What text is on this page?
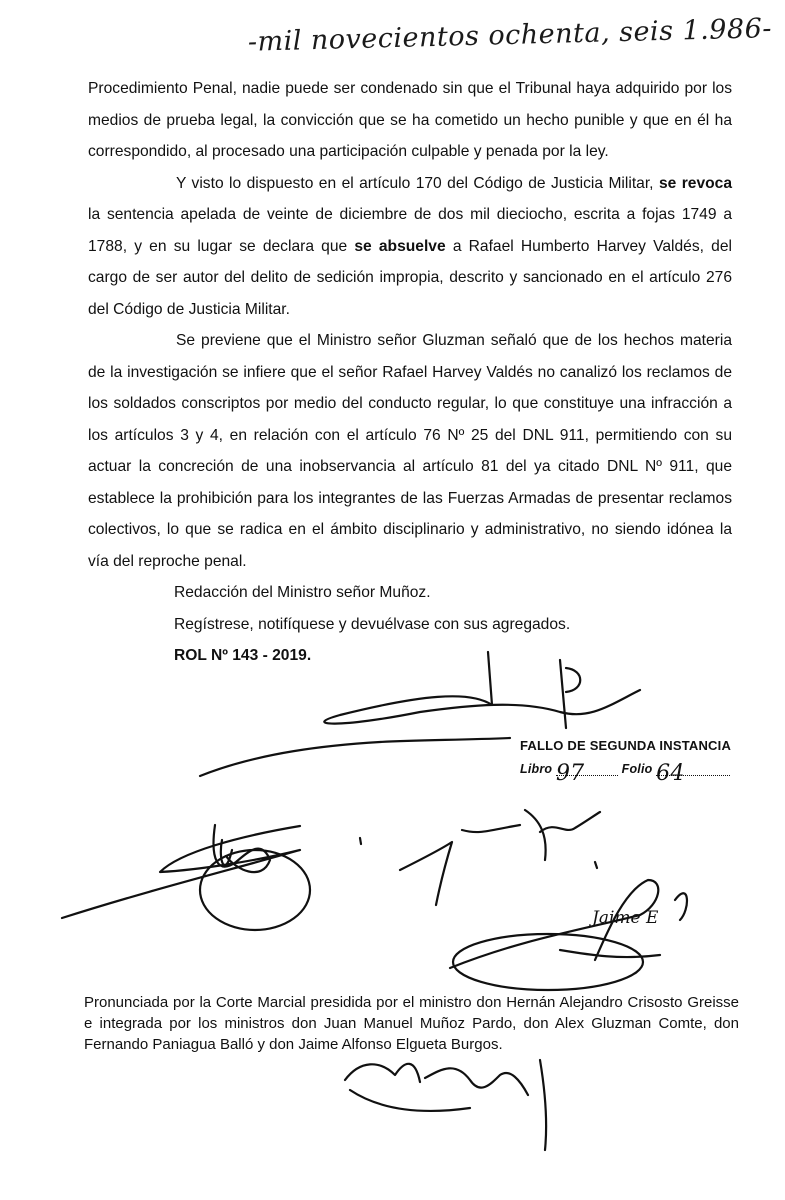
-mil novecientos ochenta, seis 1.986-

Procedimiento Penal, nadie puede ser condenado sin que el Tribunal haya adquirido por los medios de prueba legal, la convicción que se ha cometido un hecho punible y que en él ha correspondido, al procesado una participación culpable y penada por la ley.

Y visto lo dispuesto en el artículo 170 del Código de Justicia Militar, se revoca la sentencia apelada de veinte de diciembre de dos mil dieciocho, escrita a fojas 1749 a 1788, y en su lugar se declara que se absuelve a Rafael Humberto Harvey Valdés, del cargo de ser autor del delito de sedición impropia, descrito y sancionado en el artículo 276 del Código de Justicia Militar.

Se previene que el Ministro señor Gluzman señaló que de los hechos materia de la investigación se infiere que el señor Rafael Harvey Valdés no canalizó los reclamos de los soldados conscriptos por medio del conducto regular, lo que constituye una infracción a los artículos 3 y 4, en relación con el artículo 76 Nº 25 del DNL 911, permitiendo con su actuar la concreción de una inobservancia al artículo 81 del ya citado DNL Nº 911, que establece la prohibición para los integrantes de las Fuerzas Armadas de presentar reclamos colectivos, lo que se radica en el ámbito disciplinario y administrativo, no siendo idónea la vía del reproche penal.

Redacción del Ministro señor Muñoz.

Regístrese, notifíquese y devuélvase con sus agregados.

ROL Nº 143 - 2019.

FALLO DE SEGUNDA INSTANCIA
Libro 97	Folio 64
Pronunciada por la Corte Marcial presidida por el ministro don Hernán Alejandro Crisosto Greisse e integrada por los ministros don Juan Manuel Muñoz Pardo, don Alex Gluzman Comte, don Fernando Paniagua Balló y don Jaime Alfonso Elgueta Burgos.
Jaime E
